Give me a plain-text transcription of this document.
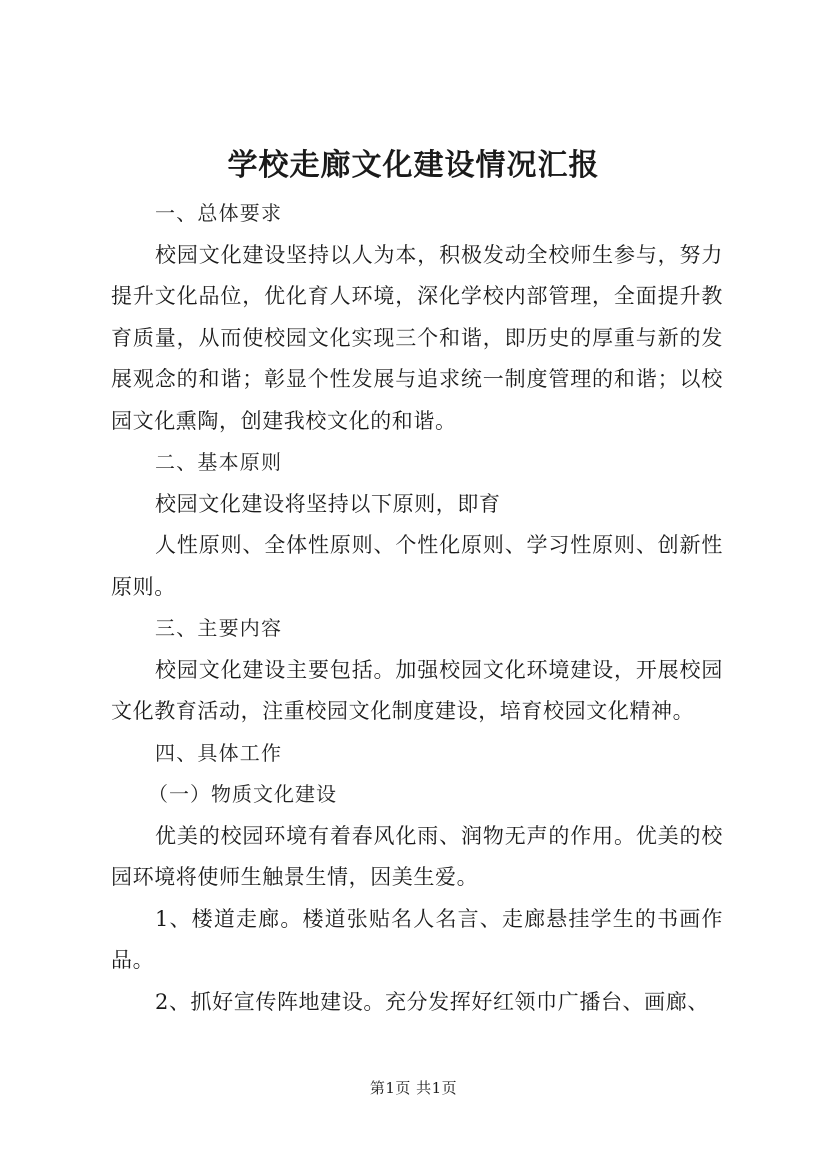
学校走廊文化建设情况汇报

一、总体要求

校园文化建设坚持以人为本，积极发动全校师生参与，努力提升文化品位，优化育人环境，深化学校内部管理，全面提升教育质量，从而使校园文化实现三个和谐，即历史的厚重与新的发展观念的和谐；彰显个性发展与追求统一制度管理的和谐；以校园文化熏陶，创建我校文化的和谐。

二、基本原则

校园文化建设将坚持以下原则，即育

人性原则、全体性原则、个性化原则、学习性原则、创新性原则。

三、主要内容

校园文化建设主要包括。加强校园文化环境建设，开展校园文化教育活动，注重校园文化制度建设，培育校园文化精神。

四、具体工作

（一）物质文化建设

优美的校园环境有着春风化雨、润物无声的作用。优美的校园环境将使师生触景生情，因美生爱。

1、楼道走廊。楼道张贴名人名言、走廊悬挂学生的书画作品。

2、抓好宣传阵地建设。充分发挥好红领巾广播台、画廊、

第1页 共1页
